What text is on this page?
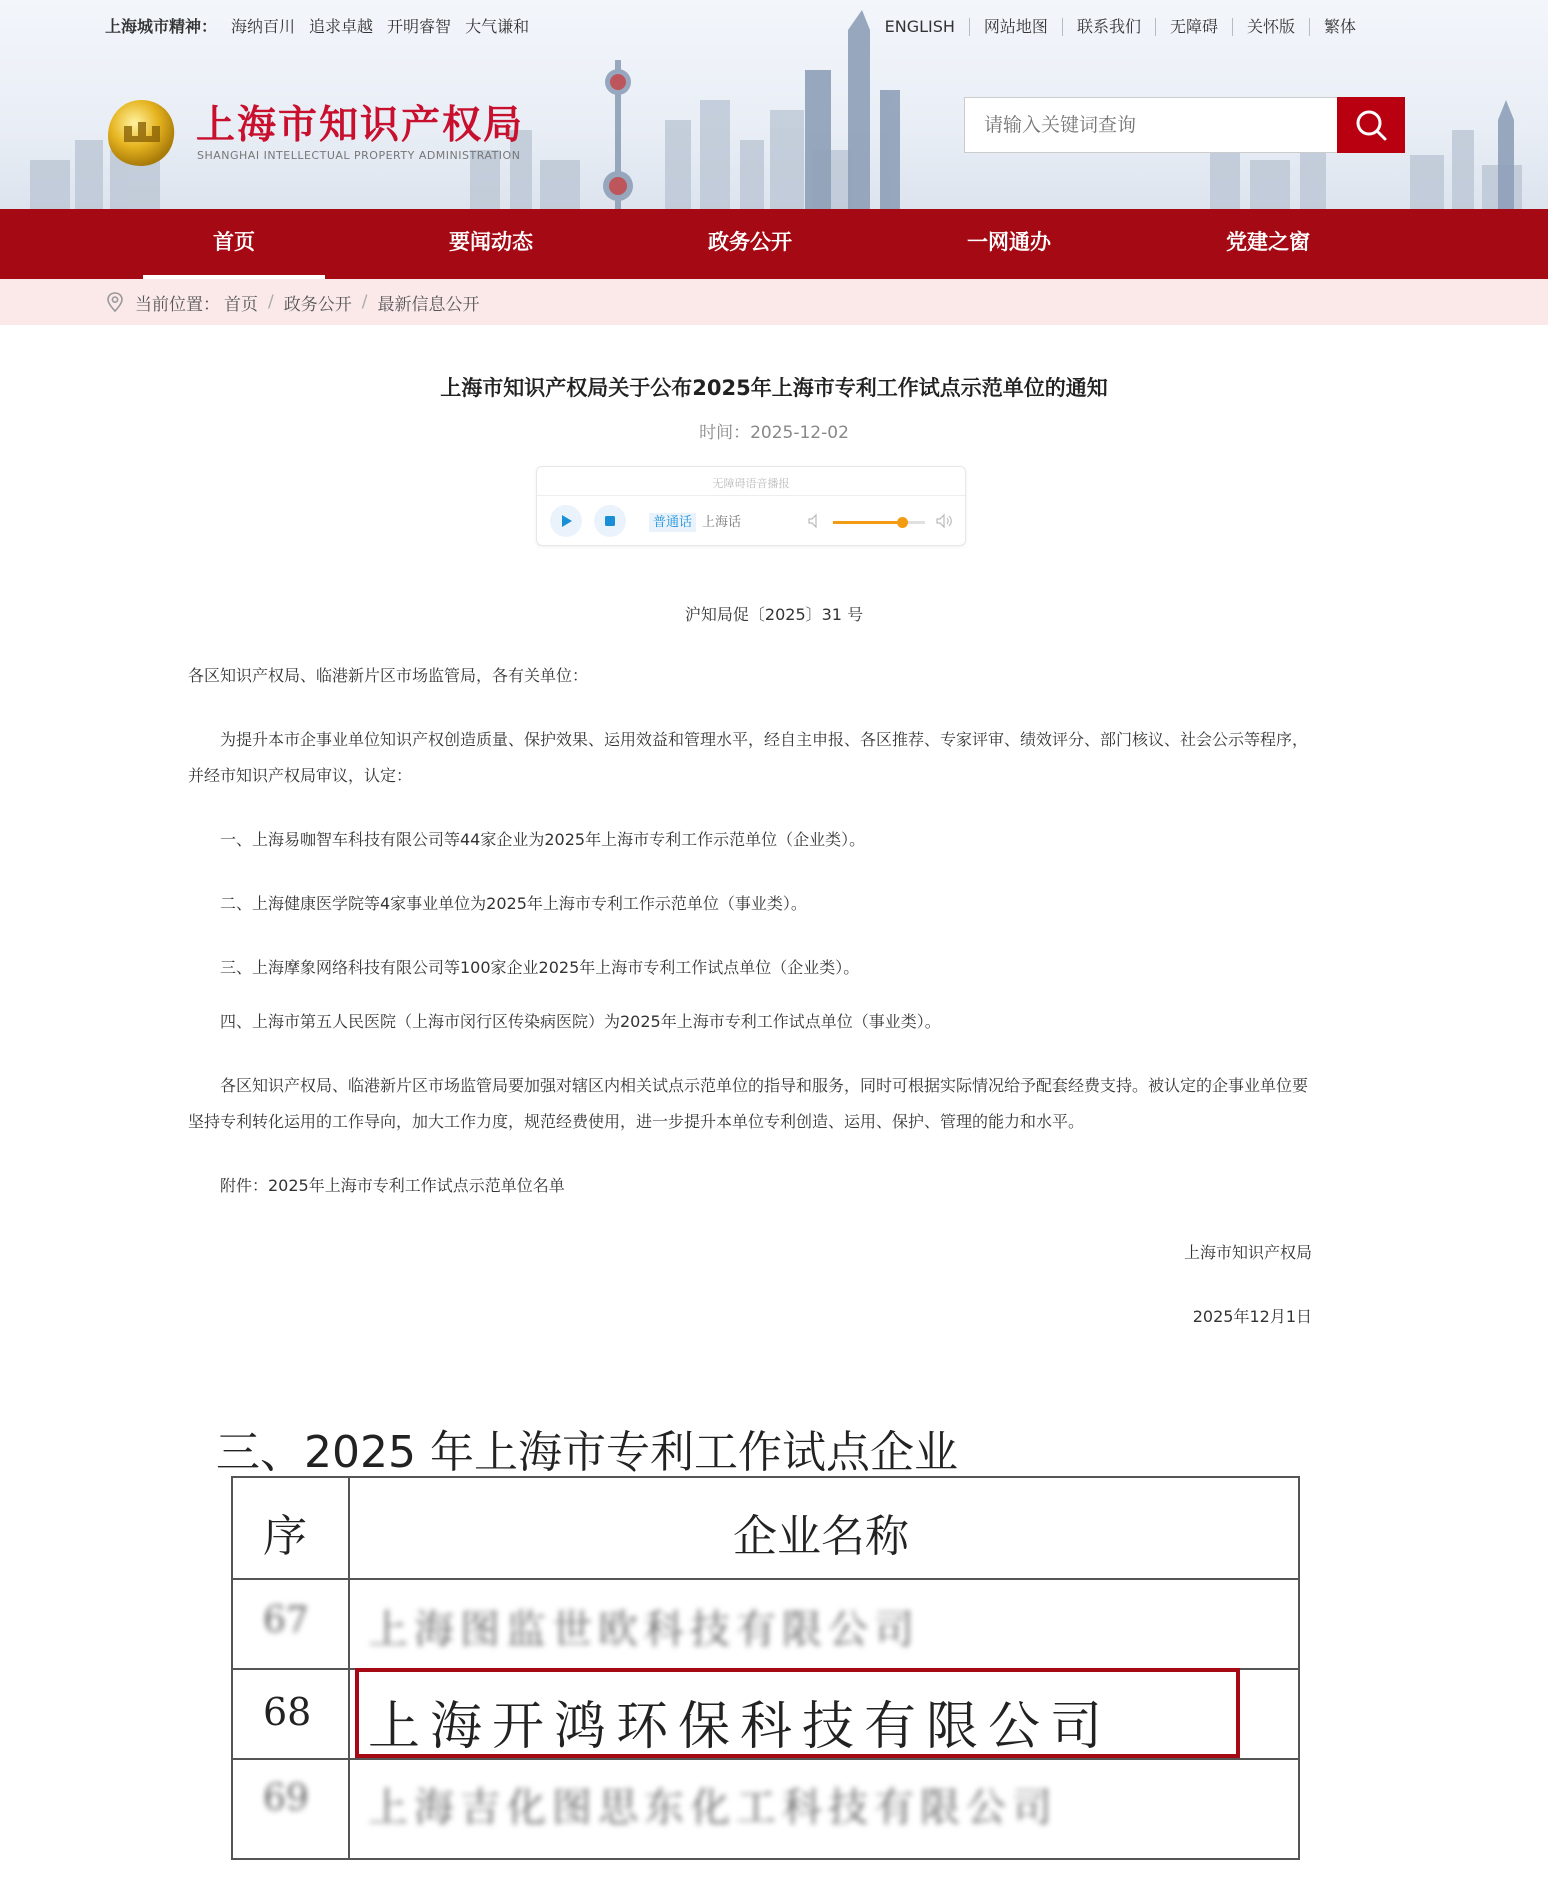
上海城市精神： 海纳百川 追求卓越 开明睿智 大气谦和	ENGLISH	网站地图	联系我们	无障碍	关怀版	繁体
上海市知识产权局
SHANGHAI INTELLECTUAL PROPERTY ADMINISTRATION
请输入关键词查询
首页	要闻动态	政务公开	一网通办	党建之窗
当前位置： 首页 / 政务公开 / 最新信息公开
上海市知识产权局关于公布2025年上海市专利工作试点示范单位的通知
时间：2025-12-02
无障碍语音播报
普通话 上海话
沪知局促〔2025〕31 号
各区知识产权局、临港新片区市场监管局，各有关单位：
为提升本市企事业单位知识产权创造质量、保护效果、运用效益和管理水平，经自主申报、各区推荐、专家评审、绩效评分、部门核议、社会公示等程序，并经市知识产权局审议，认定：
一、上海易咖智车科技有限公司等44家企业为2025年上海市专利工作示范单位（企业类）。
二、上海健康医学院等4家事业单位为2025年上海市专利工作示范单位（事业类）。
三、上海摩象网络科技有限公司等100家企业2025年上海市专利工作试点单位（企业类）。
四、上海市第五人民医院（上海市闵行区传染病医院）为2025年上海市专利工作试点单位（事业类）。
各区知识产权局、临港新片区市场监管局要加强对辖区内相关试点示范单位的指导和服务，同时可根据实际情况给予配套经费支持。被认定的企事业单位要坚持专利转化运用的工作导向，加大工作力度，规范经费使用，进一步提升本单位专利创造、运用、保护、管理的能力和水平。
附件：2025年上海市专利工作试点示范单位名单
上海市知识产权局
2025年12月1日
三、2025 年上海市专利工作试点企业
序	企业名称
67 上海图监世欧科技有限公司
68 上海开鸿环保科技有限公司
69 上海吉化图思东化工科技有限公司
